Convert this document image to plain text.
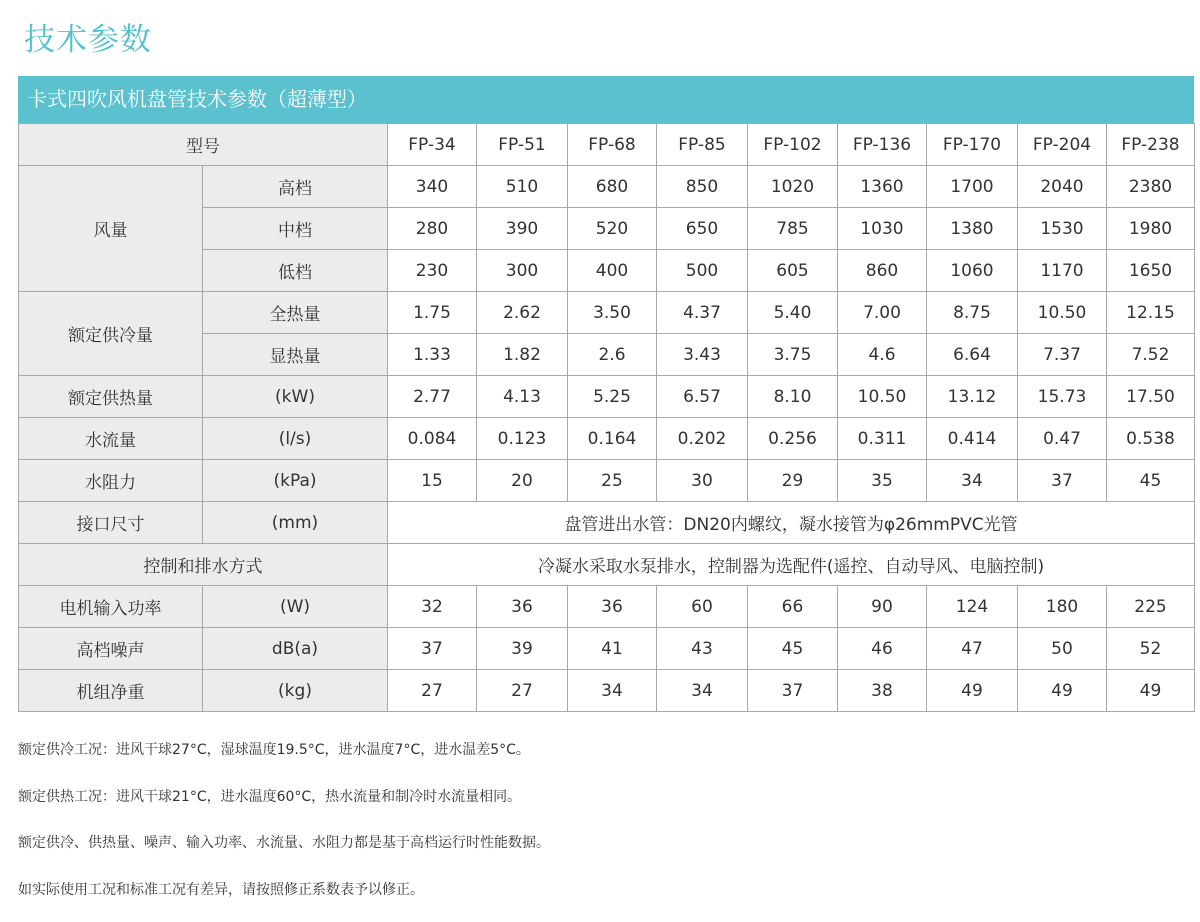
技术参数
卡式四吹风机盘管技术参数（超薄型）
型号		FP-34	FP-51	FP-68	FP-85	FP-102	FP-136	FP-170	FP-204	FP-238
风量	高档	340	510	680	850	1020	1360	1700	2040	2380
	中档	280	390	520	650	785	1030	1380	1530	1980
	低档	230	300	400	500	605	860	1060	1170	1650
额定供冷量	全热量	1.75	2.62	3.50	4.37	5.40	7.00	8.75	10.50	12.15
	显热量	1.33	1.82	2.6	3.43	3.75	4.6	6.64	7.37	7.52
额定供热量	(kW)	2.77	4.13	5.25	6.57	8.10	10.50	13.12	15.73	17.50
水流量	(l/s)	0.084	0.123	0.164	0.202	0.256	0.311	0.414	0.47	0.538
水阻力	(kPa)	15	20	25	30	29	35	34	37	45
接口尺寸	(mm)	盘管进出水管：DN20内螺纹，凝水接管为φ26mmPVC光管								
控制和排水方式		冷凝水采取水泵排水，控制器为选配件(遥控、自动导风、电脑控制)								
电机输入功率	(W)	32	36	36	60	66	90	124	180	225
高档噪声	dB(a)	37	39	41	43	45	46	47	50	52
机组净重	(kg)	27	27	34	34	37	38	49	49	49
额定供冷工况：进风干球27°C，湿球温度19.5°C，进水温度7°C，进水温差5°C。
额定供热工况：进风干球21°C，进水温度60°C，热水流量和制冷时水流量相同。
额定供冷、供热量、噪声、输入功率、水流量、水阻力都是基于高档运行时性能数据。
如实际使用工况和标准工况有差异，请按照修正系数表予以修正。
